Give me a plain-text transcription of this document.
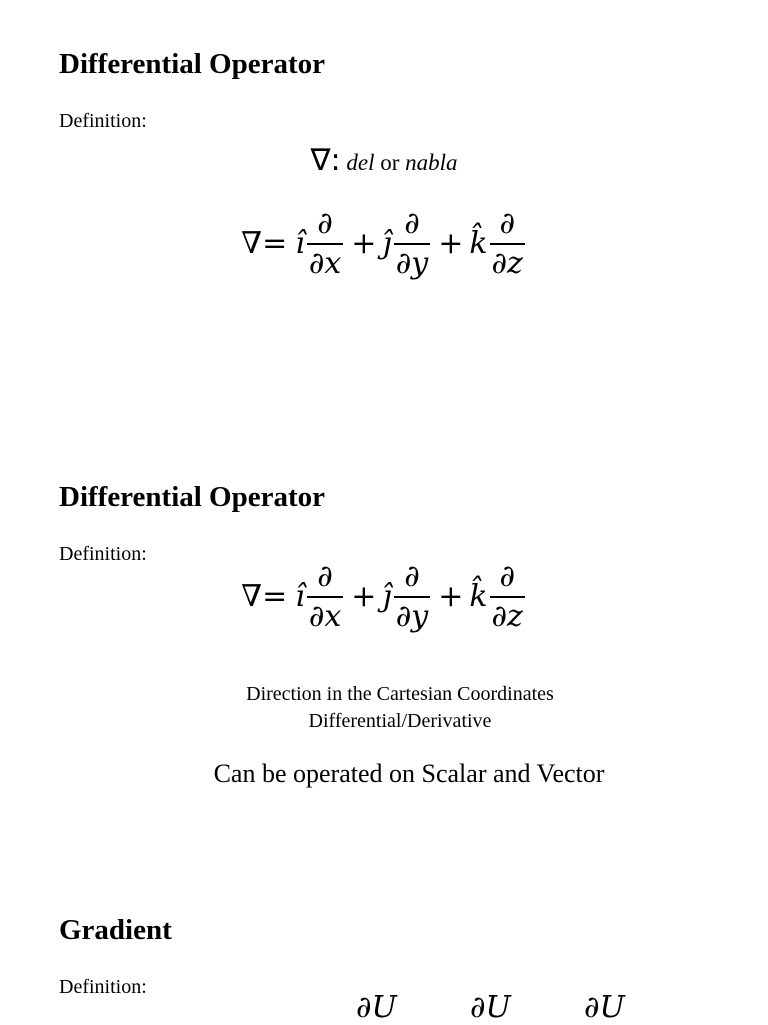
Differential Operator
Definition:
∇: del or nabla
∇= ı̂ $\frac{\partial}{\partial x}$ + ȷ̂ $\frac{\partial}{\partial y}$ + k̂ $\frac{\partial}{\partial z}$
Differential Operator
Definition:
∇= ı̂ $\frac{\partial}{\partial x}$ + ȷ̂ $\frac{\partial}{\partial y}$ + k̂ $\frac{\partial}{\partial z}$
Direction in the Cartesian Coordinates
Differential/Derivative
Can be operated on Scalar and Vector
Gradient
Definition:
∂U ∂U ∂U
